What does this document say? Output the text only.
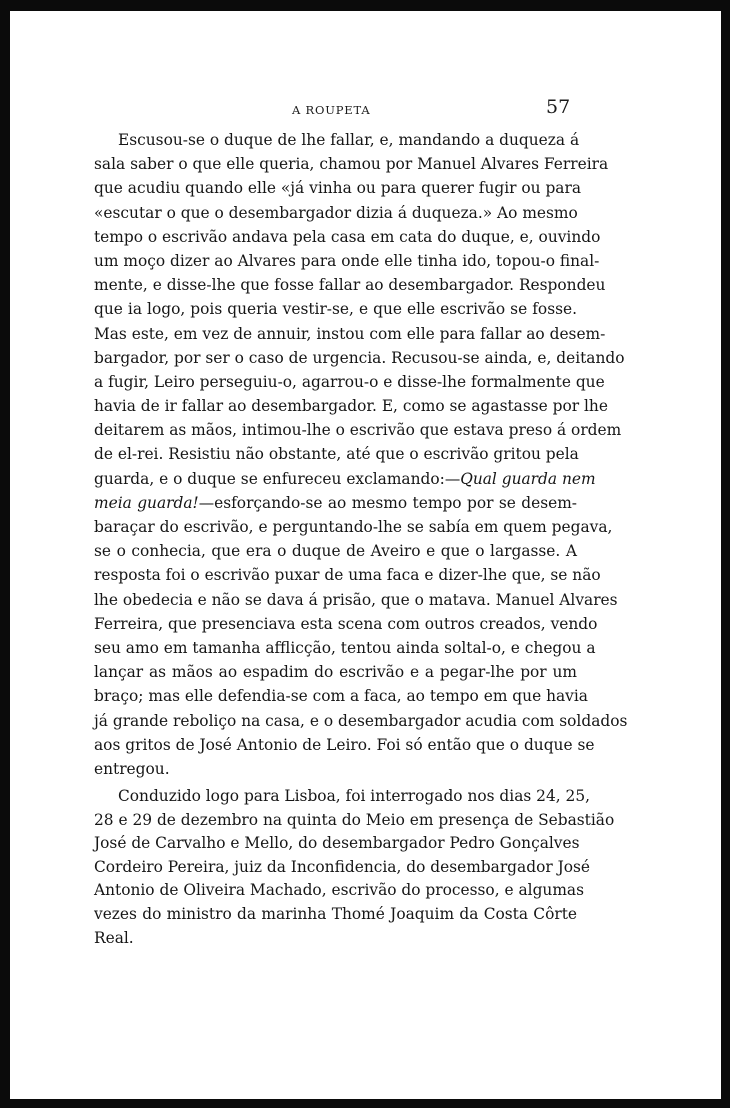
A ROUPETA	57
Escusou-se o duque de lhe fallar, e, mandando a duqueza á
sala saber o que elle queria, chamou por Manuel Alvares Ferreira
que acudiu quando elle «já vinha ou para querer fugir ou para
«escutar o que o desembargador dizia á duqueza.» Ao mesmo
tempo o escrivão andava pela casa em cata do duque, e, ouvindo
um moço dizer ao Alvares para onde elle tinha ido, topou-o final-
mente, e disse-lhe que fosse fallar ao desembargador. Respondeu
que ia logo, pois queria vestir-se, e que elle escrivão se fosse.
Mas este, em vez de annuir, instou com elle para fallar ao desem-
bargador, por ser o caso de urgencia. Recusou-se ainda, e, deitando
a fugir, Leiro perseguiu-o, agarrou-o e disse-lhe formalmente que
havia de ir fallar ao desembargador. E, como se agastasse por lhe
deitarem as mãos, intimou-lhe o escrivão que estava preso á ordem
de el-rei. Resistiu não obstante, até que o escrivão gritou pela
guarda, e o duque se enfureceu exclamando:—Qual guarda nem
meia guarda!—esforçando-se ao mesmo tempo por se desem-
baraçar do escrivão, e perguntando-lhe se sabía em quem pegava,
se o conhecia, que era o duque de Aveiro e que o largasse. A
resposta foi o escrivão puxar de uma faca e dizer-lhe que, se não
lhe obedecia e não se dava á prisão, que o matava. Manuel Alvares
Ferreira, que presenciava esta scena com outros creados, vendo
seu amo em tamanha afflicção, tentou ainda soltal-o, e chegou a
lançar as mãos ao espadim do escrivão e a pegar-lhe por um
braço; mas elle defendia-se com a faca, ao tempo em que havia
já grande reboliço na casa, e o desembargador acudia com soldados
aos gritos de José Antonio de Leiro. Foi só então que o duque se
entregou.
Conduzido logo para Lisboa, foi interrogado nos dias 24, 25,
28 e 29 de dezembro na quinta do Meio em presença de Sebastião
José de Carvalho e Mello, do desembargador Pedro Gonçalves
Cordeiro Pereira, juiz da Inconfidencia, do desembargador José
Antonio de Oliveira Machado, escrivão do processo, e algumas
vezes do ministro da marinha Thomé Joaquim da Costa Côrte
Real.
